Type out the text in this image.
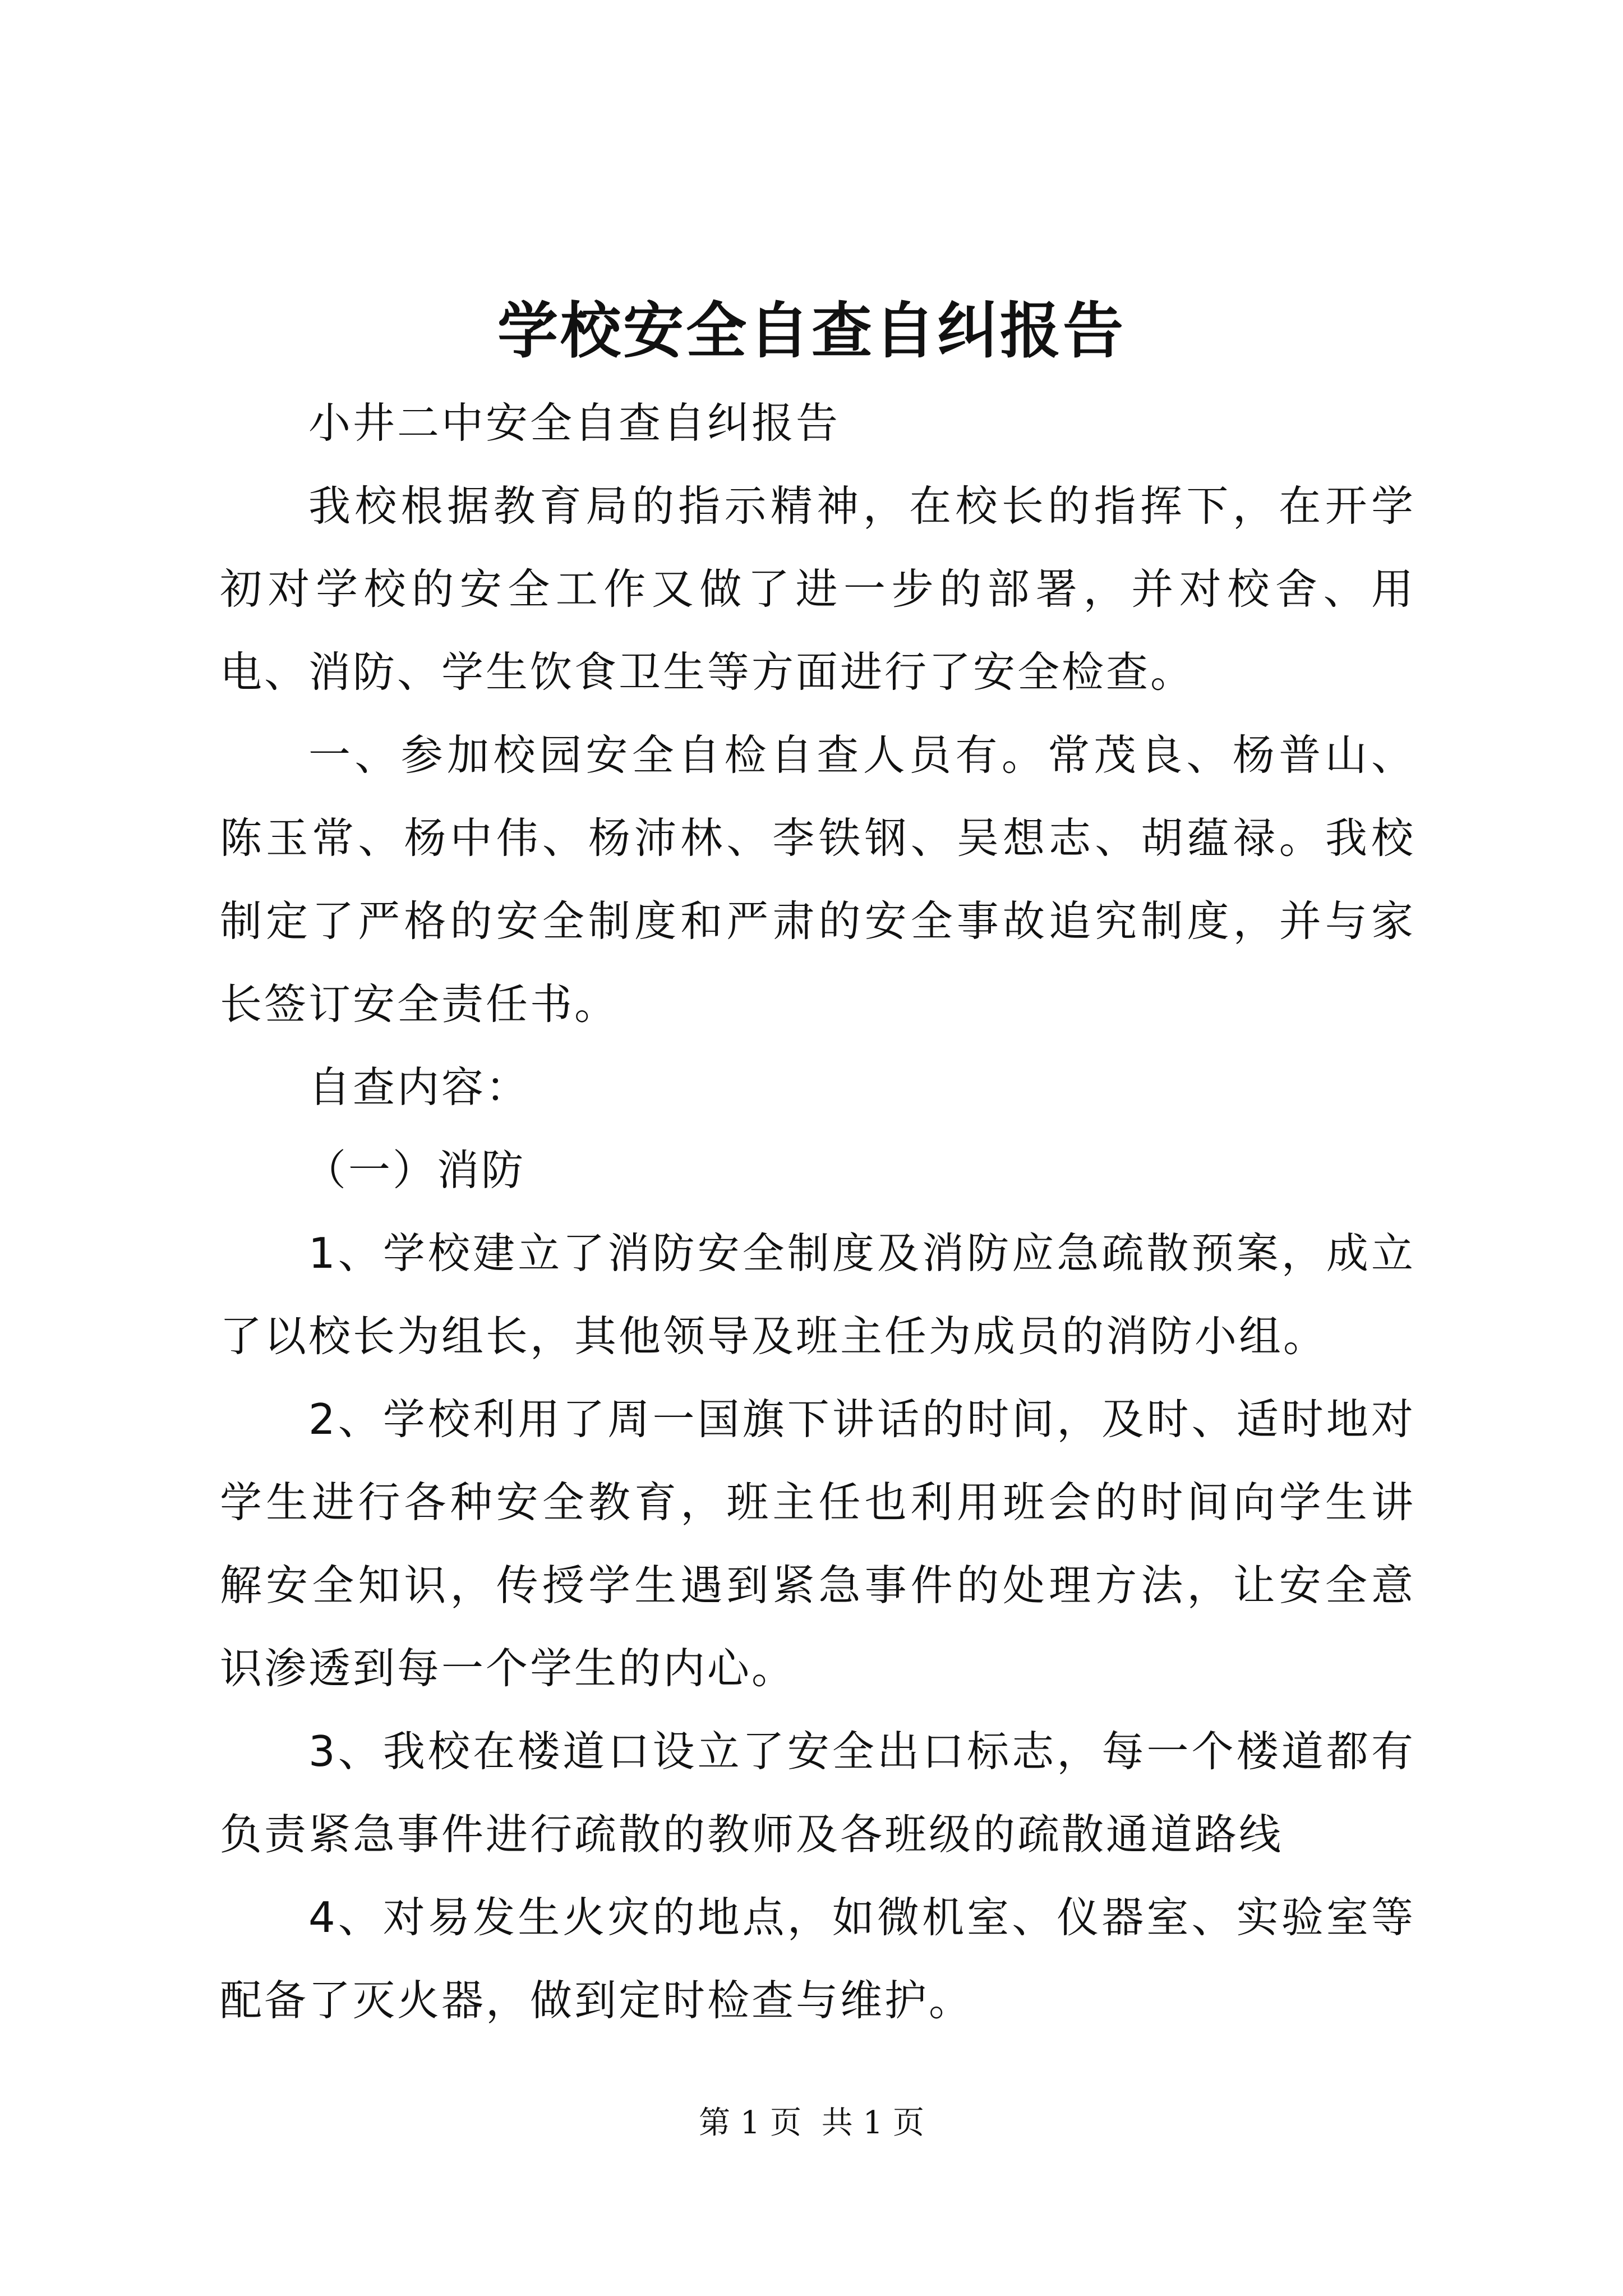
学校安全自查自纠报告

小井二中安全自查自纠报告

我校根据教育局的指示精神，在校长的指挥下，在开学初对学校的安全工作又做了进一步的部署，并对校舍、用电、消防、学生饮食卫生等方面进行了安全检查。

一、参加校园安全自检自查人员有。常茂良、杨普山、陈玉常、杨中伟、杨沛林、李铁钢、吴想志、胡蕴禄。我校制定了严格的安全制度和严肃的安全事故追究制度，并与家长签订安全责任书。

自查内容：

（一）消防

1、学校建立了消防安全制度及消防应急疏散预案，成立了以校长为组长，其他领导及班主任为成员的消防小组。

2、学校利用了周一国旗下讲话的时间，及时、适时地对学生进行各种安全教育，班主任也利用班会的时间向学生讲解安全知识，传授学生遇到紧急事件的处理方法，让安全意识渗透到每一个学生的内心。

3、我校在楼道口设立了安全出口标志，每一个楼道都有负责紧急事件进行疏散的教师及各班级的疏散通道路线

4、对易发生火灾的地点，如微机室、仪器室、实验室等配备了灭火器，做到定时检查与维护。

第 1 页 共 1 页
